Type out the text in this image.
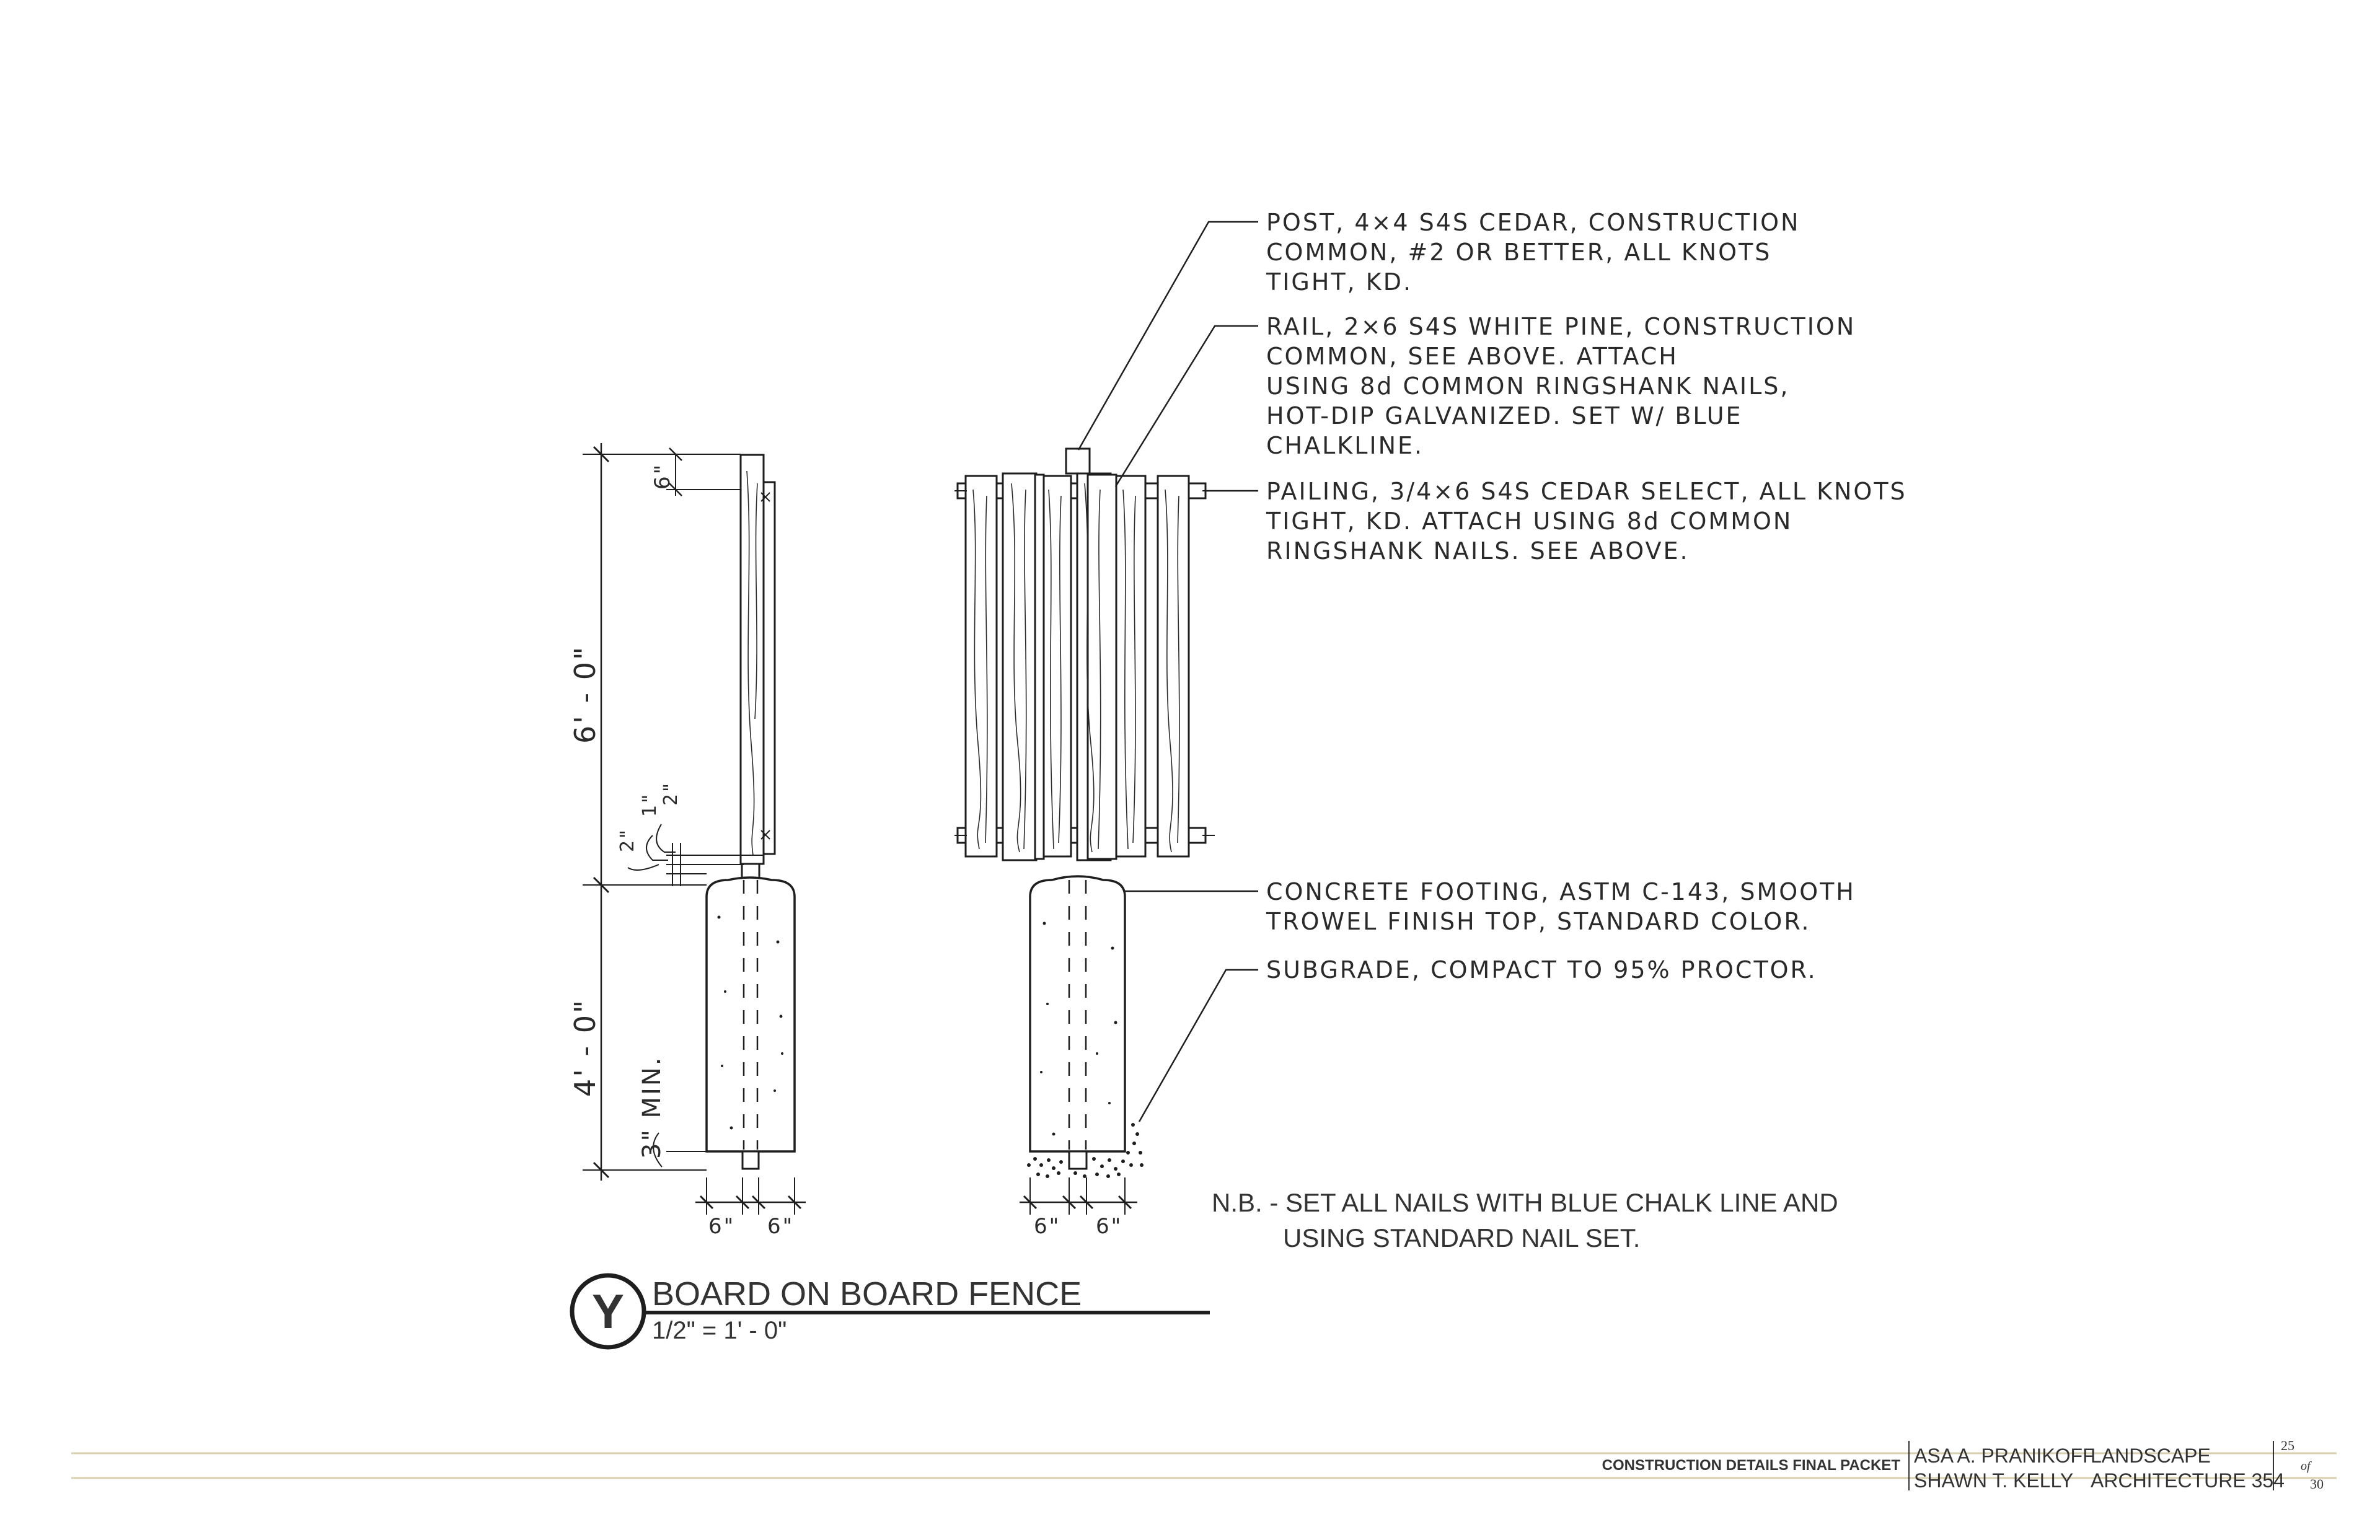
6"
6' - 0"
2"
1" 2"
4' - 0"
3" MIN.
6" 6"	6" 6"
POST, 4×4 S4S CEDAR, CONSTRUCTION
COMMON, #2 OR BETTER, ALL KNOTS
TIGHT, KD.
RAIL, 2×6 S4S WHITE PINE, CONSTRUCTION
COMMON, SEE ABOVE. ATTACH
USING 8d COMMON RINGSHANK NAILS,
HOT-DIP GALVANIZED. SET W/ BLUE
CHALKLINE.
PAILING, 3/4×6 S4S CEDAR SELECT, ALL KNOTS
TIGHT, KD. ATTACH USING 8d COMMON
RINGSHANK NAILS. SEE ABOVE.
CONCRETE FOOTING, ASTM C-143, SMOOTH
TROWEL FINISH TOP, STANDARD COLOR.
SUBGRADE, COMPACT TO 95% PROCTOR.
N.B. - SET ALL NAILS WITH BLUE CHALK LINE AND
USING STANDARD NAIL SET.
Y BOARD ON BOARD FENCE
1/2" = 1' - 0"
CONSTRUCTION DETAILS FINAL PACKET ASA A. PRANIKOFF
SHAWN T. KELLY
LANDSCAPE
ARCHITECTURE 354
25
of
30
